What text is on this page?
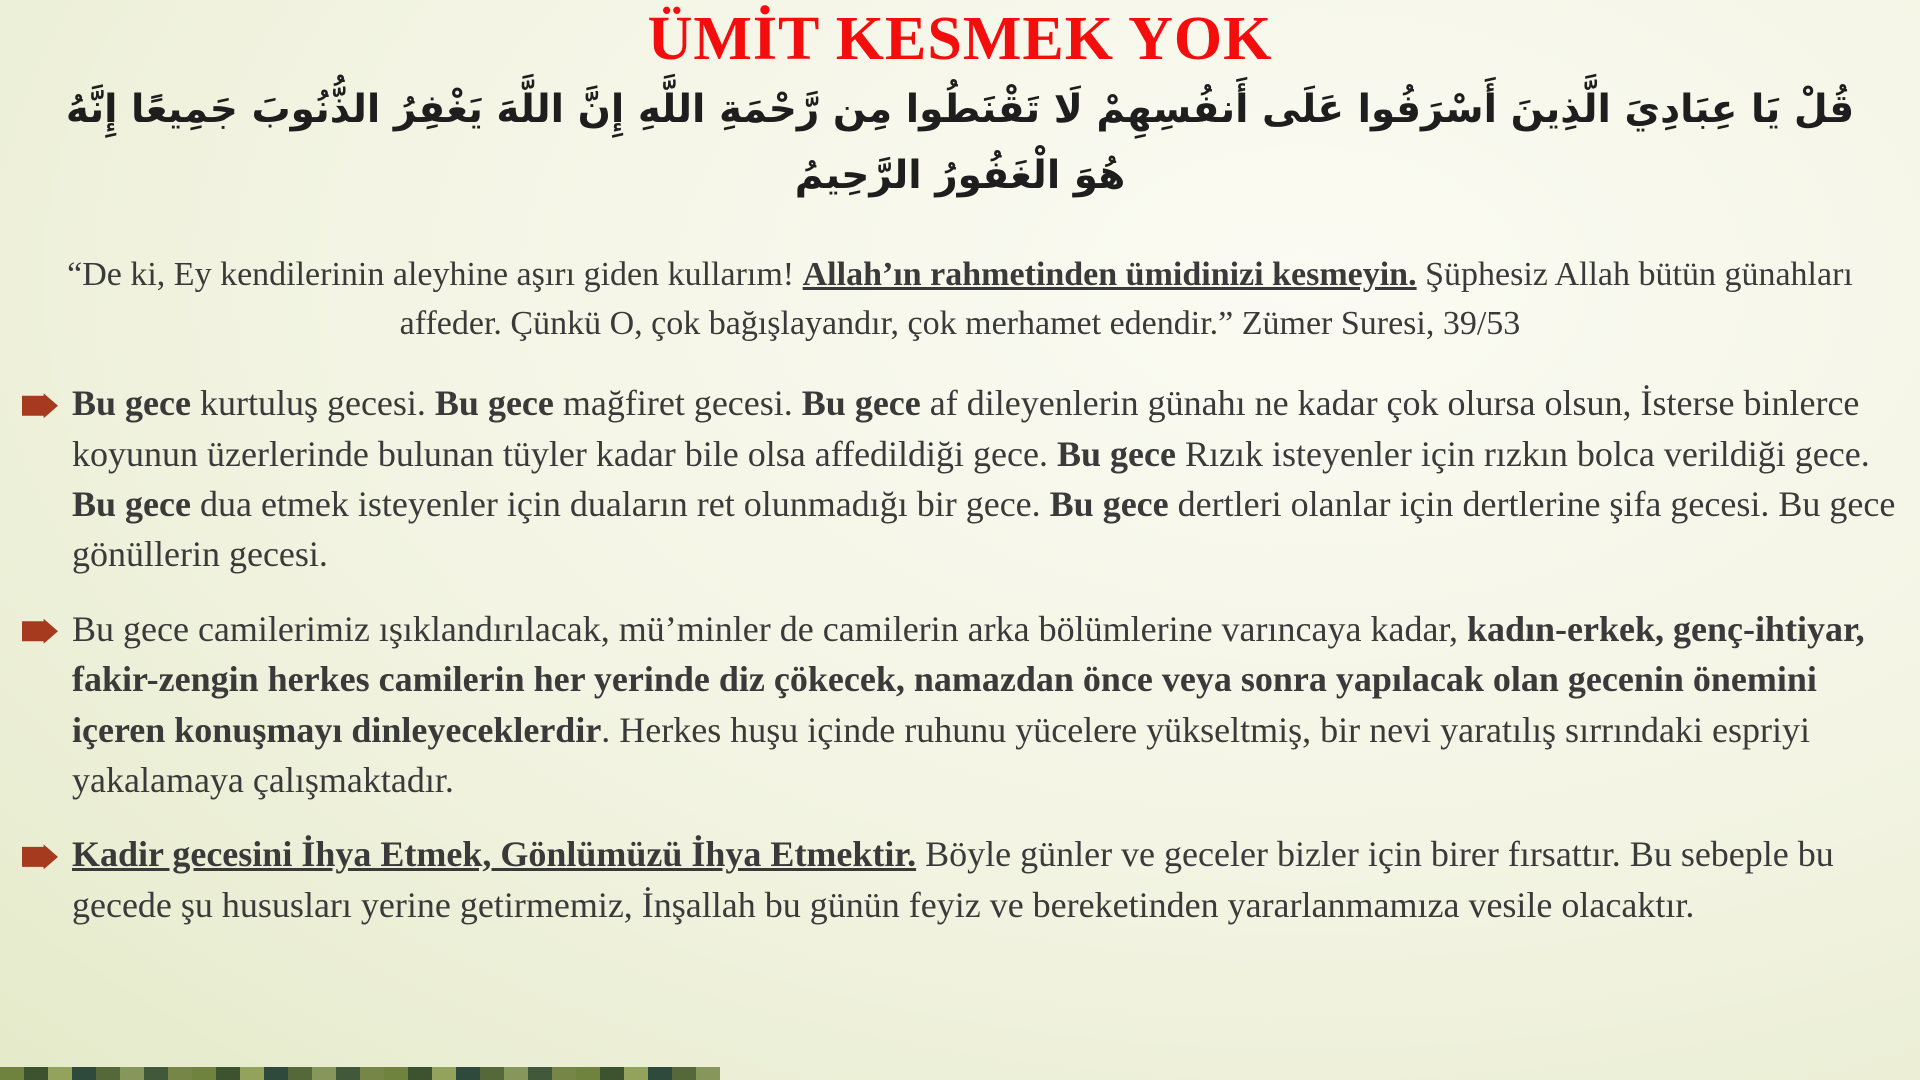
ÜMİT KESMEK YOK
قُلْ يَا عِبَادِيَ الَّذِينَ أَسْرَفُوا عَلَى أَنفُسِهِمْ لَا تَقْنَطُوا مِن رَّحْمَةِ اللَّهِ إِنَّ اللَّهَ يَغْفِرُ الذُّنُوبَ جَمِيعًا إِنَّهُ هُوَ الْغَفُورُ الرَّحِيمُ

“De ki, Ey kendilerinin aleyhine aşırı giden kullarım! Allah’ın rahmetinden ümidinizi kesmeyin. Şüphesiz Allah bütün günahları affeder. Çünkü O, çok bağışlayandır, çok merhamet edendir.” Zümer Suresi, 39/53

Bu gece kurtuluş gecesi. Bu gece mağfiret gecesi. Bu gece af dileyenlerin günahı ne kadar çok olursa olsun, İsterse binlerce koyunun üzerlerinde bulunan tüyler kadar bile olsa affedildiği gece. Bu gece Rızık isteyenler için rızkın bolca verildiği gece. Bu gece dua etmek isteyenler için duaların ret olunmadığı bir gece. Bu gece dertleri olanlar için dertlerine şifa gecesi. Bu gece gönüllerin gecesi.
Bu gece camilerimiz ışıklandırılacak, mü’minler de camilerin arka bölümlerine varıncaya kadar, kadın-erkek, genç-ihtiyar, fakir-zengin herkes camilerin her yerinde diz çökecek, namazdan önce veya sonra yapılacak olan gecenin önemini içeren konuşmayı dinleyeceklerdir. Herkes huşu içinde ruhunu yücelere yükseltmiş, bir nevi yaratılış sırrındaki espriyi yakalamaya çalışmaktadır.
Kadir gecesini İhya Etmek, Gönlümüzü İhya Etmektir. Böyle günler ve geceler bizler için birer fırsattır. Bu sebeple bu gecede şu hususları yerine getirmemiz, İnşallah bu günün feyiz ve bereketinden yararlanmamıza vesile olacaktır.
